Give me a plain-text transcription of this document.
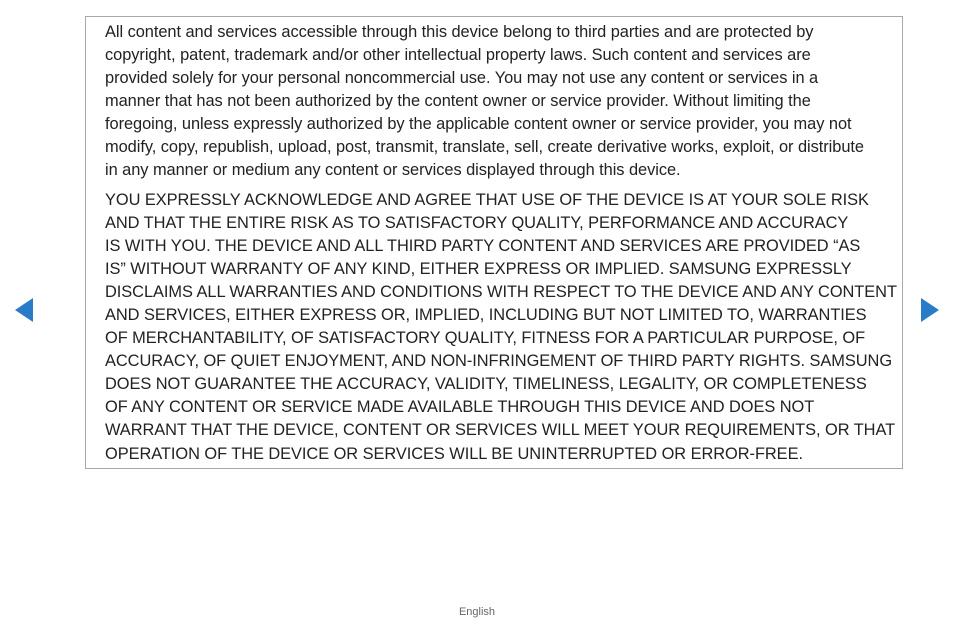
All content and services accessible through this device belong to third parties and are protected by
copyright, patent, trademark and/or other intellectual property laws. Such content and services are
provided solely for your personal noncommercial use. You may not use any content or services in a
manner that has not been authorized by the content owner or service provider. Without limiting the
foregoing, unless expressly authorized by the applicable content owner or service provider, you may not
modify, copy, republish, upload, post, transmit, translate, sell, create derivative works, exploit, or distribute
in any manner or medium any content or services displayed through this device.

YOU EXPRESSLY ACKNOWLEDGE AND AGREE THAT USE OF THE DEVICE IS AT YOUR SOLE RISK
AND THAT THE ENTIRE RISK AS TO SATISFACTORY QUALITY, PERFORMANCE AND ACCURACY
IS WITH YOU. THE DEVICE AND ALL THIRD PARTY CONTENT AND SERVICES ARE PROVIDED “AS
IS” WITHOUT WARRANTY OF ANY KIND, EITHER EXPRESS OR IMPLIED. SAMSUNG EXPRESSLY
DISCLAIMS ALL WARRANTIES AND CONDITIONS WITH RESPECT TO THE DEVICE AND ANY CONTENT
AND SERVICES, EITHER EXPRESS OR, IMPLIED, INCLUDING BUT NOT LIMITED TO, WARRANTIES
OF MERCHANTABILITY, OF SATISFACTORY QUALITY, FITNESS FOR A PARTICULAR PURPOSE, OF
ACCURACY, OF QUIET ENJOYMENT, AND NON-INFRINGEMENT OF THIRD PARTY RIGHTS. SAMSUNG
DOES NOT GUARANTEE THE ACCURACY, VALIDITY, TIMELINESS, LEGALITY, OR COMPLETENESS
OF ANY CONTENT OR SERVICE MADE AVAILABLE THROUGH THIS DEVICE AND DOES NOT
WARRANT THAT THE DEVICE, CONTENT OR SERVICES WILL MEET YOUR REQUIREMENTS, OR THAT
OPERATION OF THE DEVICE OR SERVICES WILL BE UNINTERRUPTED OR ERROR-FREE.

English
